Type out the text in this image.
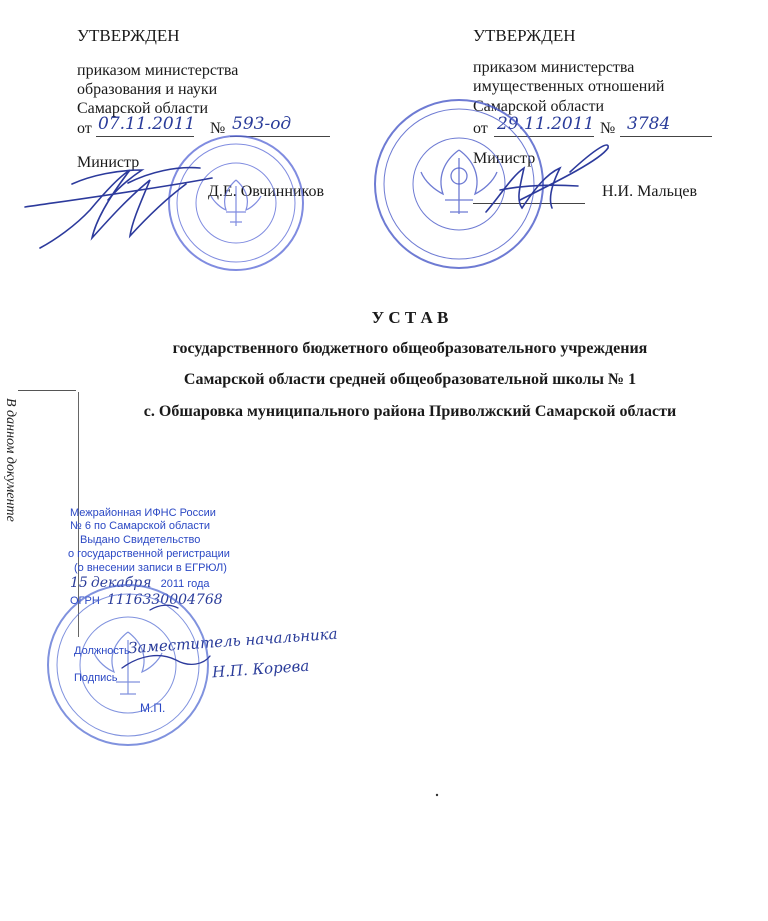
В данном документе
УТВЕРЖДЕН
приказом министерства
образования и науки
Самарской области
от 07.11.2011 № 593-од
Министр
Д.Е. Овчинников
УТВЕРЖДЕН
приказом министерства
имущественных отношений
Самарской области
от 29.11.2011 № 3784
Министр
Н.И. Мальцев
У С Т А В
государственного бюджетного общеобразовательного учреждения
Самарской области средней общеобразовательной школы № 1
с. Обшаровка муниципального района Приволжский Самарской области
Межрайонная ИФНС России
№ 6 по Самарской области
Выдано Свидетельство
о государственной регистрации
(о внесении записи в ЕГРЮЛ)
15 декабря 2011 года
ОГРН 1116330004768
Должность
Заместитель начальника
Подпись	Н.П. Корева
М.П.
